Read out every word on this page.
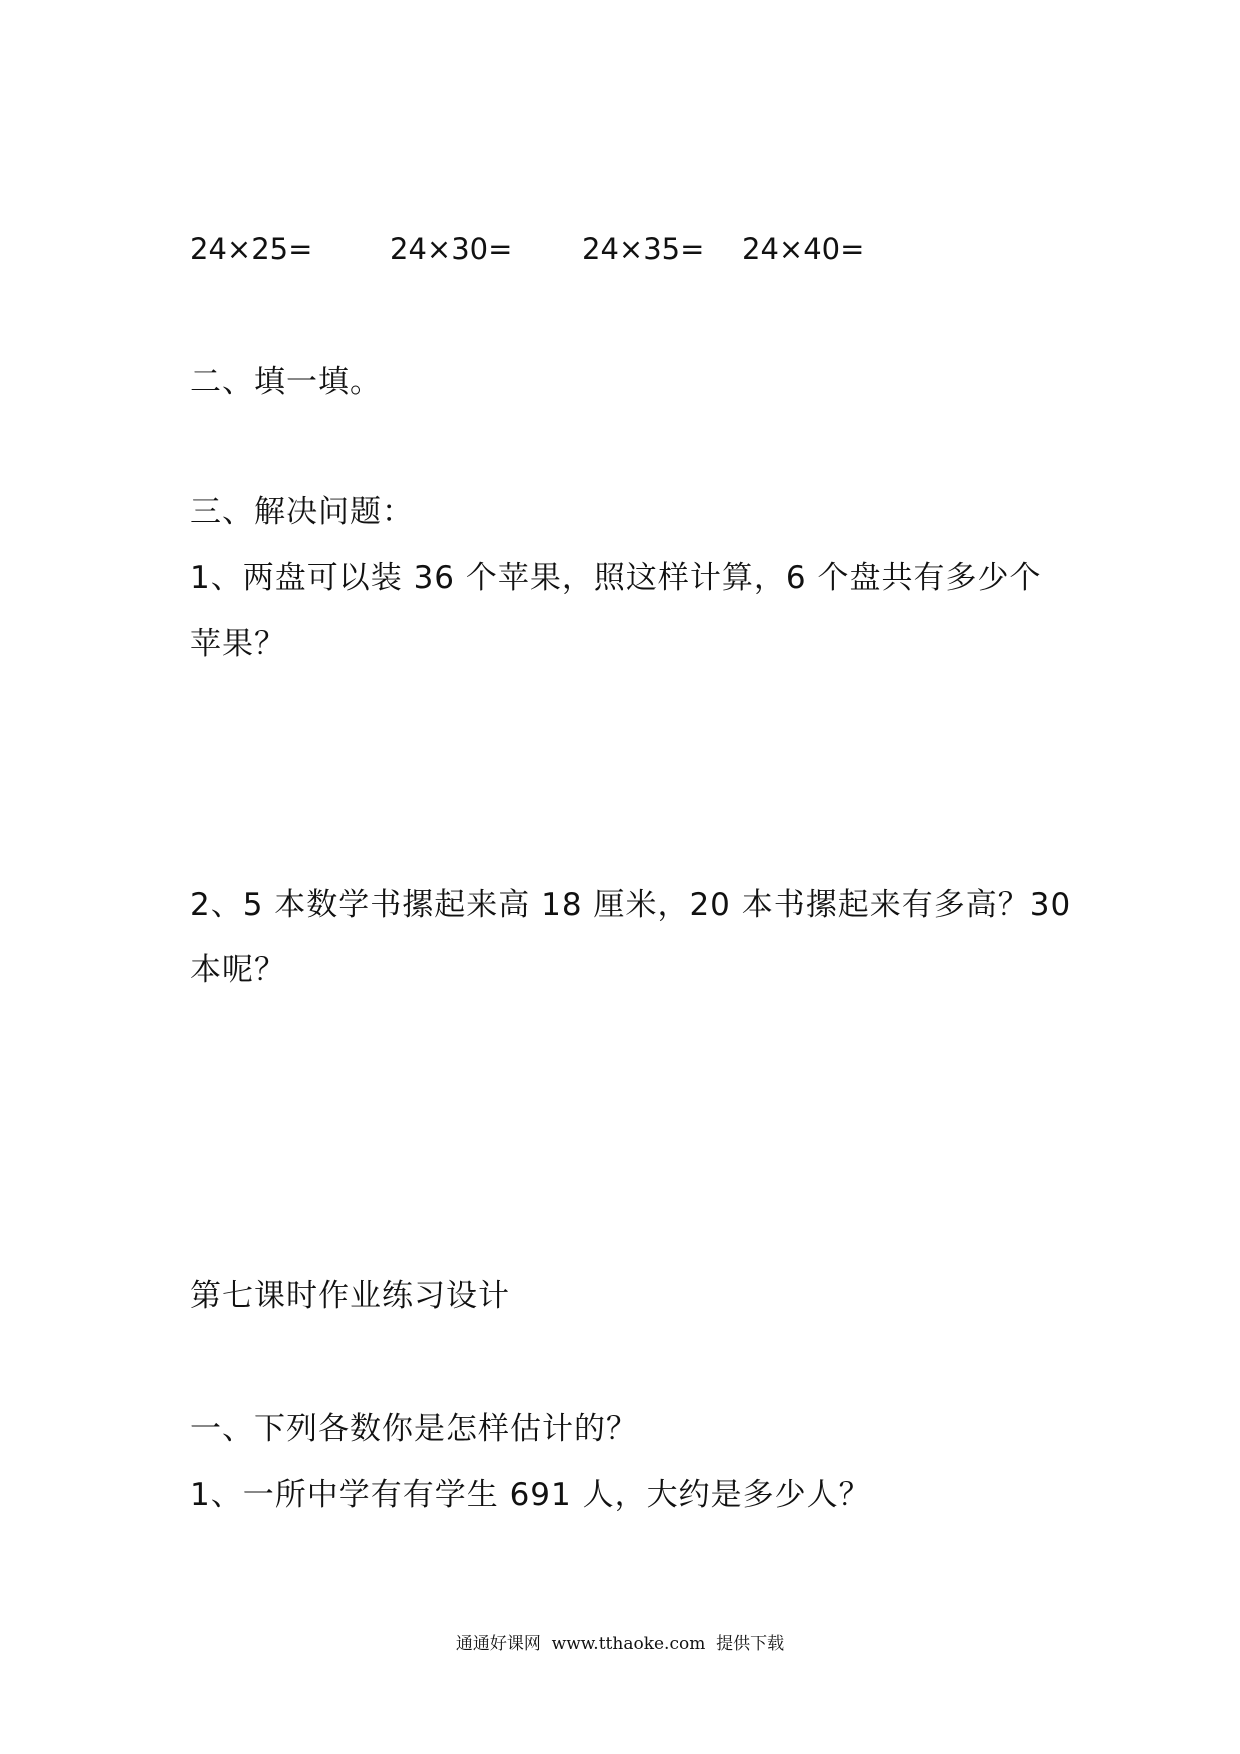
24×25=	24×30= 24×35= 24×40=
二、填一填。
三、解决问题：
1、两盘可以装 36 个苹果，照这样计算，6 个盘共有多少个
苹果？
2、5 本数学书摞起来高 18 厘米，20 本书摞起来有多高？30
本呢？
第七课时作业练习设计
一、下列各数你是怎样估计的？
1、一所中学有有学生 691 人，大约是多少人？
通通好课网  www.tthaoke.com  提供下载
